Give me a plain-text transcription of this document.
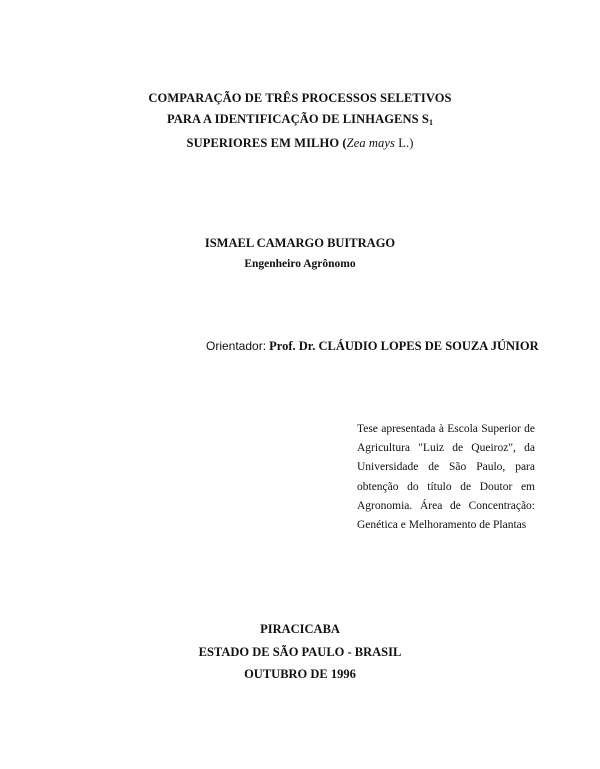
COMPARAÇÃO DE TRÊS PROCESSOS SELETIVOS
PARA A IDENTIFICAÇÃO DE LINHAGENS $S_1$
SUPERIORES EM MILHO (Zea mays L.)
ISMAEL CAMARGO BUITRAGO
Engenheiro Agrônomo
Orientador: Prof. Dr. CLÁUDIO LOPES DE SOUZA JÚNIOR
Tese apresentada à Escola Superior de
Agricultura "Luiz de Queiroz", da
Universidade de São Paulo, para
obtenção do título de Doutor em
Agronomia. Área de Concentração:
Genética e Melhoramento de Plantas
PIRACICABA
ESTADO DE SÃO PAULO - BRASIL
OUTUBRO DE 1996
